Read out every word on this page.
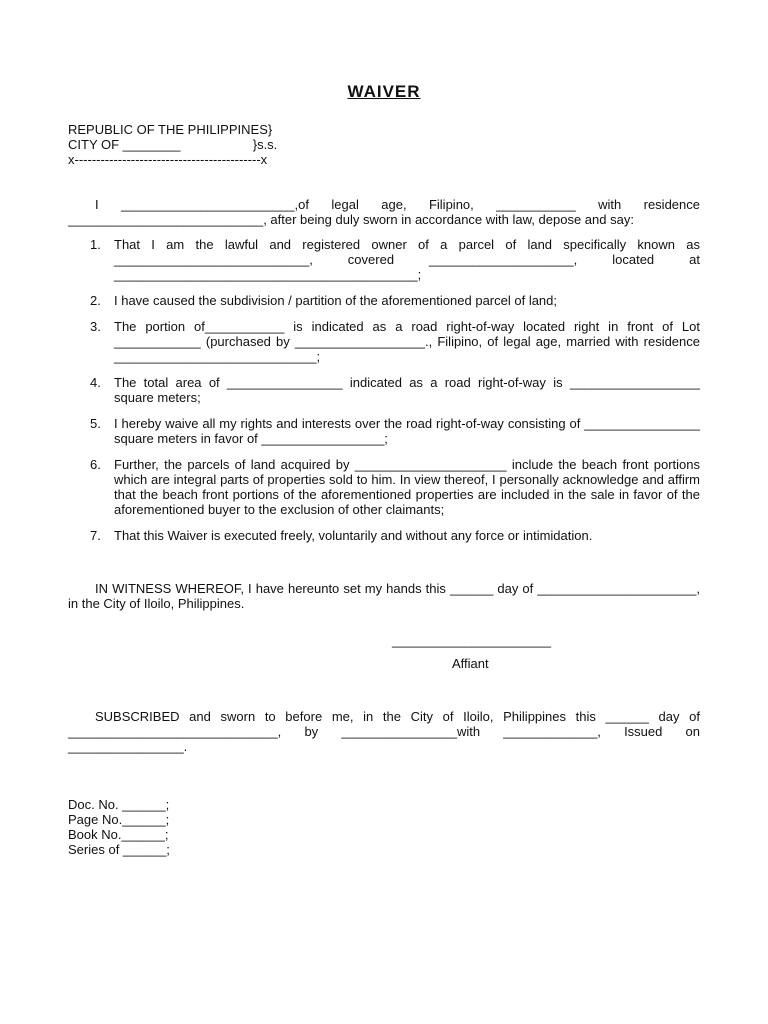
WAIVER
REPUBLIC OF THE PHILIPPINES}
CITY OF ________                    }s.s.
x-------------------------------------------x
I ________________________,of legal age, Filipino, ___________ with residence ___________________________, after being duly sworn in accordance with law, depose and say:
1. That I am the lawful and registered owner of a parcel of land specifically known as ___________________________, covered ____________________, located at __________________________________________;
2. I have caused the subdivision / partition of the aforementioned parcel of land;
3. The portion of___________ is indicated as a road right-of-way located right in front of Lot ____________ (purchased by __________________., Filipino, of legal age, married with residence ____________________________;
4. The total area of ________________ indicated as a road right-of-way is __________________ square meters;
5. I hereby waive all my rights and interests over the road right-of-way consisting of ________________ square meters in favor of _________________;
6. Further, the parcels of land acquired by _____________________ include the beach front portions which are integral parts of properties sold to him. In view thereof, I personally acknowledge and affirm that the beach front portions of the aforementioned properties are included in the sale in favor of the aforementioned buyer to the exclusion of other claimants;
7. That this Waiver is executed freely, voluntarily and without any force or intimidation.
IN WITNESS WHEREOF, I have hereunto set my hands this ______ day of ______________________, in the City of Iloilo, Philippines.
______________________
Affiant
SUBSCRIBED and sworn to before me, in the City of Iloilo, Philippines this ______ day of _____________________________, by ________________with _____________, Issued on ________________.
Doc. No. ______;
Page No.______;
Book No.______;
Series of ______;
